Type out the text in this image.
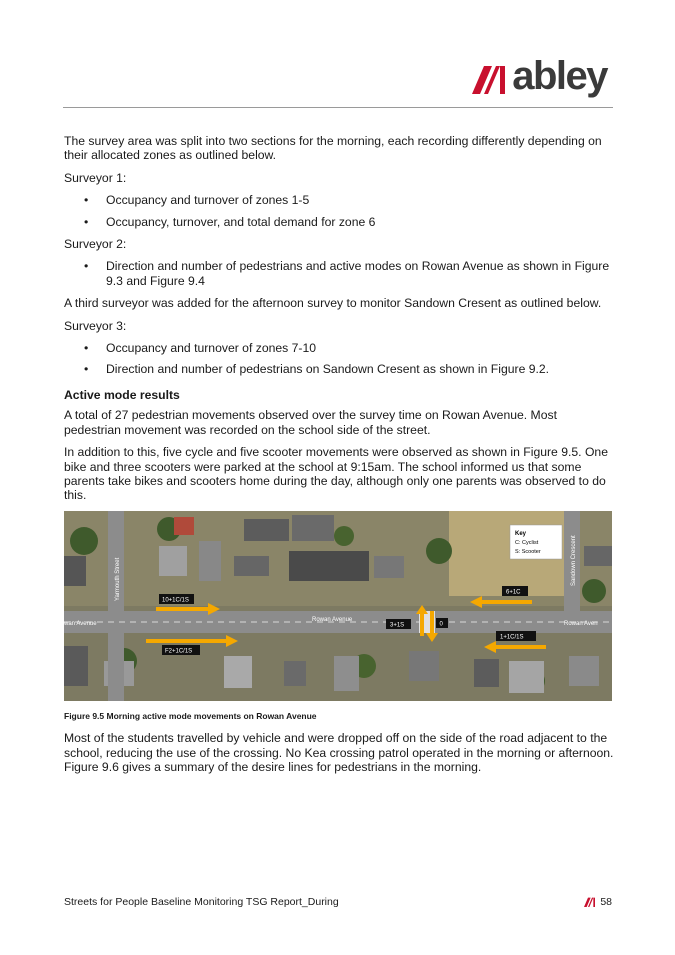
abley

The survey area was split into two sections for the morning, each recording differently depending on their allocated zones as outlined below.

Surveyor 1:

• Occupancy and turnover of zones 1-5
• Occupancy, turnover, and total demand for zone 6

Surveyor 2:

• Direction and number of pedestrians and active modes on Rowan Avenue as shown in Figure 9.3 and Figure 9.4

A third surveyor was added for the afternoon survey to monitor Sandown Cresent as outlined below.

Surveyor 3:

• Occupancy and turnover of zones 7-10
• Direction and number of pedestrians on Sandown Cresent as shown in Figure 9.2.
Active mode results

A total of 27 pedestrian movements observed over the survey time on Rowan Avenue. Most pedestrian movement was recorded on the school side of the street.

In addition to this, five cycle and five scooter movements were observed as shown in Figure 9.5. One bike and three scooters were parked at the school at 9:15am. The school informed us that some parents take bikes and scooters home during the day, although only one parents was observed to do this.

Key
C: Cyclist
S: Scooter
Yarmouth Street	Sandown Crescent
wan Avenue
Rowan Avenue
Rowan Aven
10+1C/1S
F2+1C/1S
3+1S	0
6+1C
1+1C/1S

Figure 9.5 Morning active mode movements on Rowan Avenue

Most of the students travelled by vehicle and were dropped off on the side of the road adjacent to the school, reducing the use of the crossing. No Kea crossing patrol operated in the morning or afternoon. Figure 9.6 gives a summary of the desire lines for pedestrians in the morning.

Streets for People Baseline Monitoring TSG Report_During	58
